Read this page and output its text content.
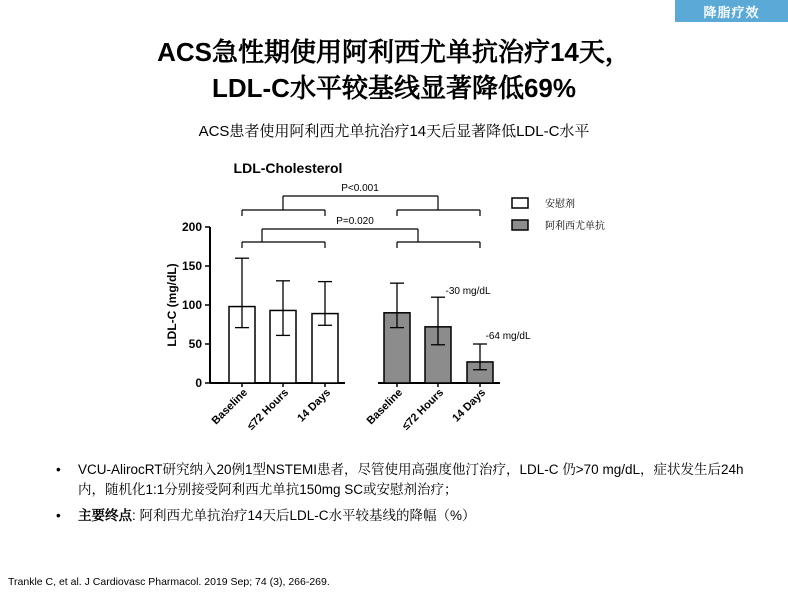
降脂疗效
ACS急性期使用阿利西尤单抗治疗14天，
LDL-C水平较基线显著降低69%
ACS患者使用阿利西尤单抗治疗14天后显著降低LDL-C水平
LDL-Cholesterol
0
50
100
150
200
LDL-C (mg/dL)
Baseline
≤72 Hours 14 Days	Baseline
≤72 Hours 14 Days
P<0.001
P=0.020
-30 mg/dL
-64 mg/dL
安慰剂
阿利西尤单抗
• VCU-AlirocRT研究纳入20例1型NSTEMI患者，尽管使用高强度他汀治疗，LDL-C 仍>70 mg/dL，症状发生后24h内，随机化1:1分别接受阿利西尤单抗150mg SC或安慰剂治疗；
• 主要终点: 阿利西尤单抗治疗14天后LDL-C水平较基线的降幅（%）
Trankle C, et al. J Cardiovasc Pharmacol. 2019 Sep; 74 (3), 266-269.
